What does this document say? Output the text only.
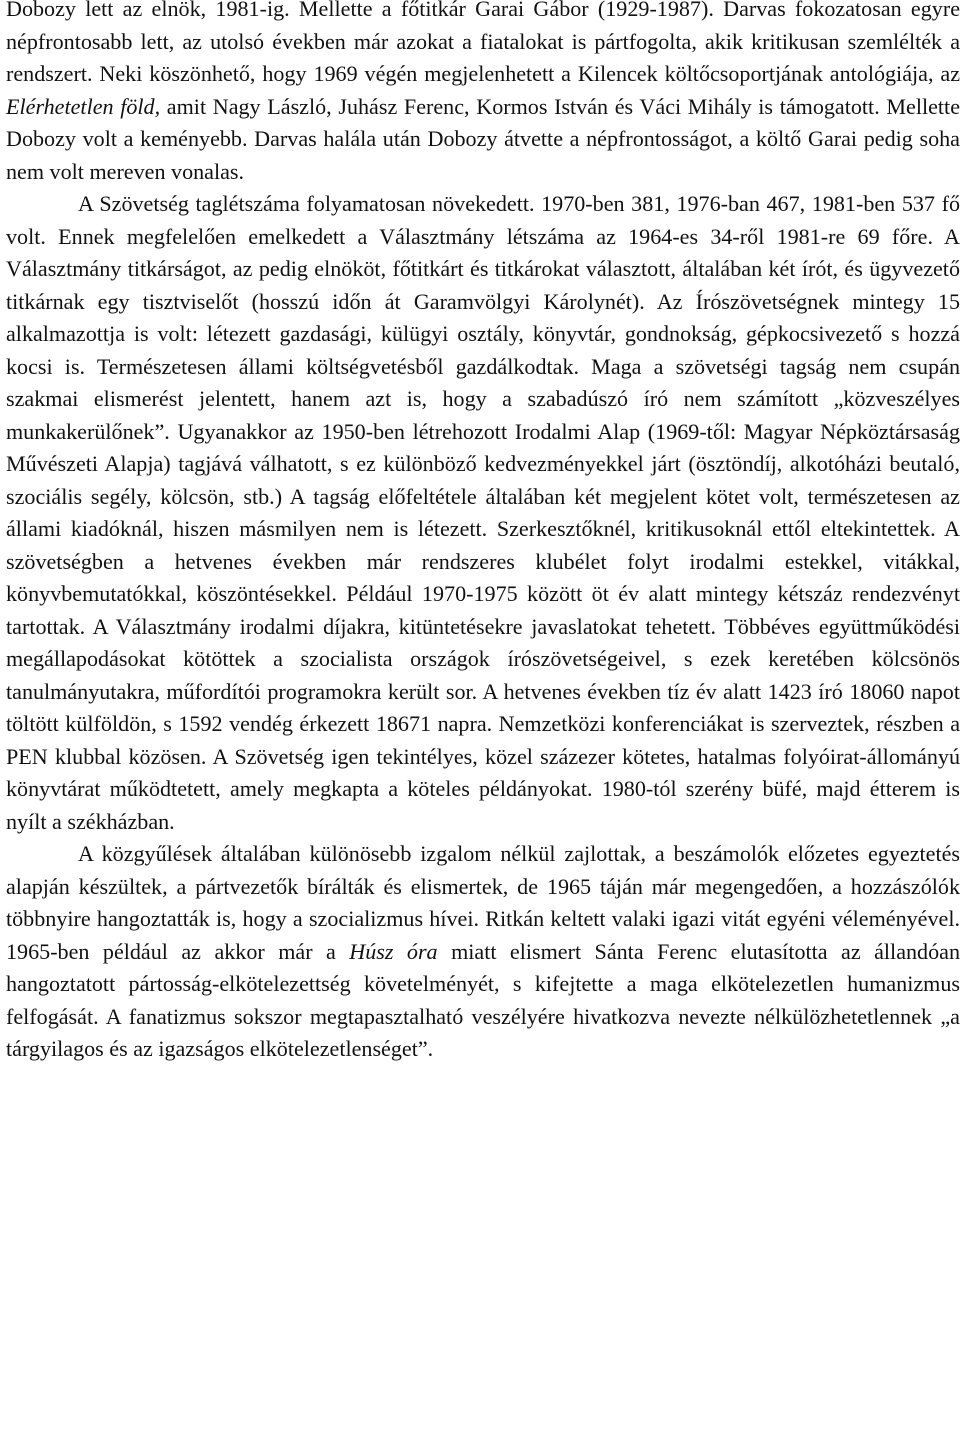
Dobozy lett az elnök, 1981-ig. Mellette a főtitkár Garai Gábor (1929-1987). Darvas fokozatosan egyre népfrontosabb lett, az utolsó években már azokat a fiatalokat is pártfogolta, akik kritikusan szemlélték a rendszert. Neki köszönhető, hogy 1969 végén megjelenhetett a Kilencek költőcsoportjának antológiája, az Elérhetetlen föld, amit Nagy László, Juhász Ferenc, Kormos István és Váci Mihály is támogatott. Mellette Dobozy volt a keményebb. Darvas halála után Dobozy átvette a népfrontosságot, a költő Garai pedig soha nem volt mereven vonalas.

A Szövetség taglétszáma folyamatosan növekedett. 1970-ben 381, 1976-ban 467, 1981-ben 537 fő volt. Ennek megfelelően emelkedett a Választmány létszáma az 1964-es 34-ről 1981-re 69 főre. A Választmány titkárságot, az pedig elnököt, főtitkárt és titkárokat választott, általában két írót, és ügyvezető titkárnak egy tisztviselőt (hosszú időn át Garamvölgyi Károlynét). Az Írószövetségnek mintegy 15 alkalmazottja is volt: létezett gazdasági, külügyi osztály, könyvtár, gondnokság, gépkocsivezető s hozzá kocsi is. Természetesen állami költségvetésből gazdálkodtak. Maga a szövetségi tagság nem csupán szakmai elismerést jelentett, hanem azt is, hogy a szabadúszó író nem számított „közveszélyes munkakerülőnek”. Ugyanakkor az 1950-ben létrehozott Irodalmi Alap (1969-től: Magyar Népköztársaság Művészeti Alapja) tagjává válhatott, s ez különböző kedvezményekkel járt (ösztöndíj, alkotóházi beutaló, szociális segély, kölcsön, stb.) A tagság előfeltétele általában két megjelent kötet volt, természetesen az állami kiadóknál, hiszen másmilyen nem is létezett. Szerkesztőknél, kritikusoknál ettől eltekintettek. A szövetségben a hetvenes években már rendszeres klubélet folyt irodalmi estekkel, vitákkal, könyvbemutatókkal, köszöntésekkel. Például 1970-1975 között öt év alatt mintegy kétszáz rendezvényt tartottak. A Választmány irodalmi díjakra, kitüntetésekre javaslatokat tehetett. Többéves együttműködési megállapodásokat kötöttek a szocialista országok írószövetségeivel, s ezek keretében kölcsönös tanulmányutakra, műfordítói programokra került sor. A hetvenes években tíz év alatt 1423 író 18060 napot töltött külföldön, s 1592 vendég érkezett 18671 napra. Nemzetközi konferenciákat is szerveztek, részben a PEN klubbal közösen. A Szövetség igen tekintélyes, közel százezer kötetes, hatalmas folyóirat-állományú könyvtárat működtetett, amely megkapta a köteles példányokat. 1980-tól szerény büfé, majd étterem is nyílt a székházban.

A közgyűlések általában különösebb izgalom nélkül zajlottak, a beszámolók előzetes egyeztetés alapján készültek, a pártvezetők bírálták és elismertek, de 1965 táján már megengedően, a hozzászólók többnyire hangoztatták is, hogy a szocializmus hívei. Ritkán keltett valaki igazi vitát egyéni véleményével. 1965-ben például az akkor már a Húsz óra miatt elismert Sánta Ferenc elutasította az állandóan hangoztatott pártosság-elkötelezettség követelményét, s kifejtette a maga elkötelezetlen humanizmus felfogását. A fanatizmus sokszor megtapasztalható veszélyére hivatkozva nevezte nélkülözhetetlennek „a tárgyilagos és az igazságos elkötelezetlenséget”.
